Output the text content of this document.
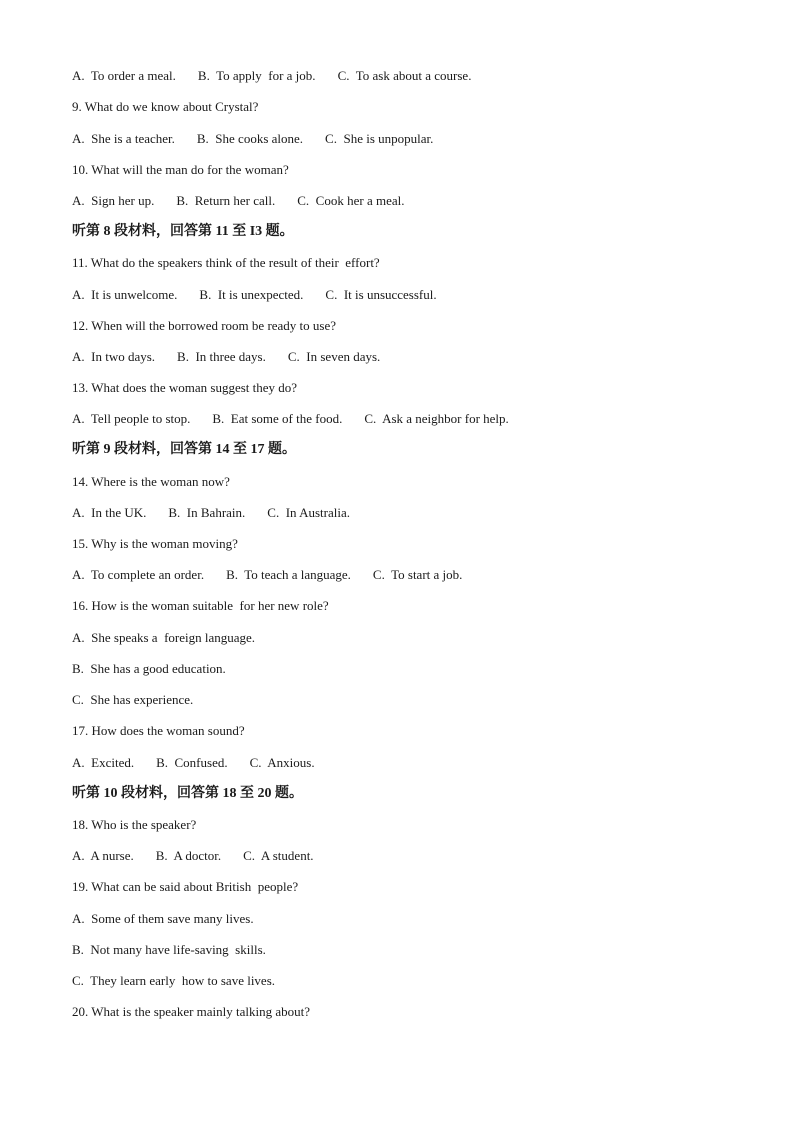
A.  To order a meal. B.  To apply  for a job. C.  To ask about a course.
9. What do we know about Crystal?
A.  She is a teacher. B.  She cooks alone. C.  She is unpopular.
10. What will the man do for the woman?
A.  Sign her up. B.  Return her call. C.  Cook her a meal.
听第 8 段材料，回答第 11 至 I3 题。
11. What do the speakers think of the result of their  effort?
A.  It is unwelcome. B.  It is unexpected. C.  It is unsuccessful.
12. When will the borrowed room be ready to use?
A.  In two days. B.  In three days. C.  In seven days.
13. What does the woman suggest they do?
A.  Tell people to stop. B.  Eat some of the food. C.  Ask a neighbor for help.
听第 9 段材料，回答第 14 至 17 题。
14. Where is the woman now?
A.  In the UK. B.  In Bahrain. C.  In Australia.
15. Why is the woman moving?
A.  To complete an order. B.  To teach a language. C.  To start a job.
16. How is the woman suitable  for her new role?
A.  She speaks a  foreign language.
B.  She has a good education.
C.  She has experience.
17. How does the woman sound?
A.  Excited. B.  Confused. C.  Anxious.
听第 10 段材料，回答第 18 至 20 题。
18. Who is the speaker?
A.  A nurse. B.  A doctor. C.  A student.
19. What can be said about British  people?
A.  Some of them save many lives.
B.  Not many have life-saving  skills.
C.  They learn early  how to save lives.
20. What is the speaker mainly talking about?
